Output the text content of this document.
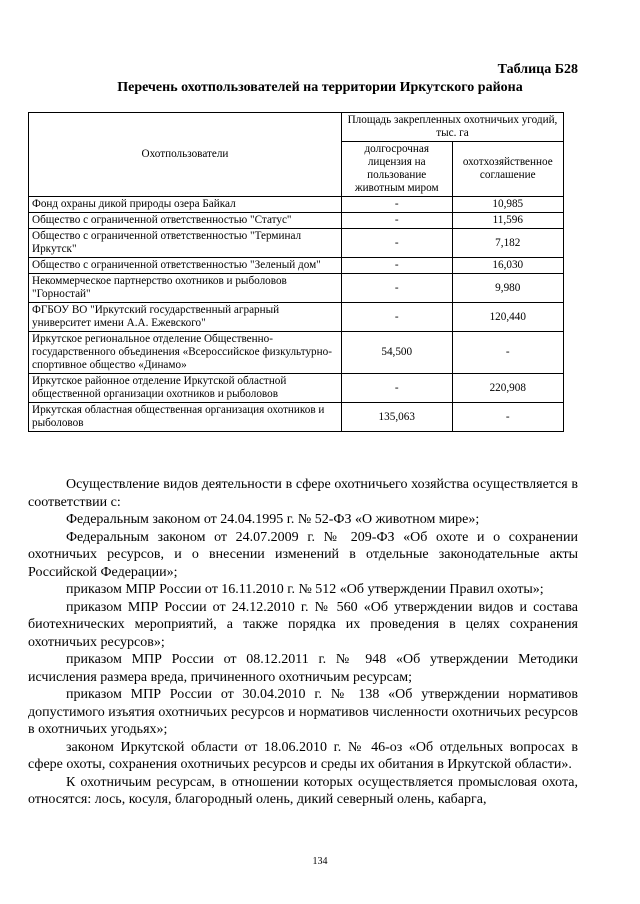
Таблица Б28
Перечень охотпользователей на территории Иркутского района
Охотпользователи	Площадь закрепленных охотничьих угодий, тыс. га	
	долгосрочная лицензия на пользование животным миром	охотхозяйственное соглашение
Фонд охраны дикой природы озера Байкал	-	10,985
Общество с ограниченной ответственностью "Статус"	-	11,596
Общество с ограниченной ответственностью "Терминал Иркутск"	-	7,182
Общество с ограниченной ответственностью "Зеленый дом"	-	16,030
Некоммерческое партнерство охотников и рыболовов "Горностай"	-	9,980
ФГБОУ ВО "Иркутский государственный аграрный университет имени А.А. Ежевского"	-	120,440
Иркутское региональное отделение Общественно-государственного объединения «Всероссийское физкультурно-спортивное общество «Динамо»	54,500	-
Иркутское районное отделение Иркутской областной общественной организации охотников и рыболовов	-	220,908
Иркутская областная общественная организация охотников и рыболовов	135,063	-

Осуществление видов деятельности в сфере охотничьего хозяйства осуществляется в соответствии с:

Федеральным законом от 24.04.1995 г. № 52-ФЗ «О животном мире»;

Федеральным законом от 24.07.2009 г. № 209-ФЗ «Об охоте и о сохранении охотничьих ресурсов, и о внесении изменений в отдельные законодательные акты Российской Федерации»;

приказом МПР России от 16.11.2010 г. № 512 «Об утверждении Правил охоты»;

приказом МПР России от 24.12.2010 г. № 560 «Об утверждении видов и состава биотехнических мероприятий, а также порядка их проведения в целях сохранения охотничьих ресурсов»;

приказом МПР России от 08.12.2011 г. № 948 «Об утверждении Методики исчисления размера вреда, причиненного охотничьим ресурсам;

приказом МПР России от 30.04.2010 г. № 138 «Об утверждении нормативов допустимого изъятия охотничьих ресурсов и нормативов численности охотничьих ресурсов в охотничьих угодьях»;

законом Иркутской области от 18.06.2010 г. № 46-оз «Об отдельных вопросах в сфере охоты, сохранения охотничьих ресурсов и среды их обитания в Иркутской области».

К охотничьим ресурсам, в отношении которых осуществляется промысловая охота, относятся: лось, косуля, благородный олень, дикий северный олень, кабарга,

134
